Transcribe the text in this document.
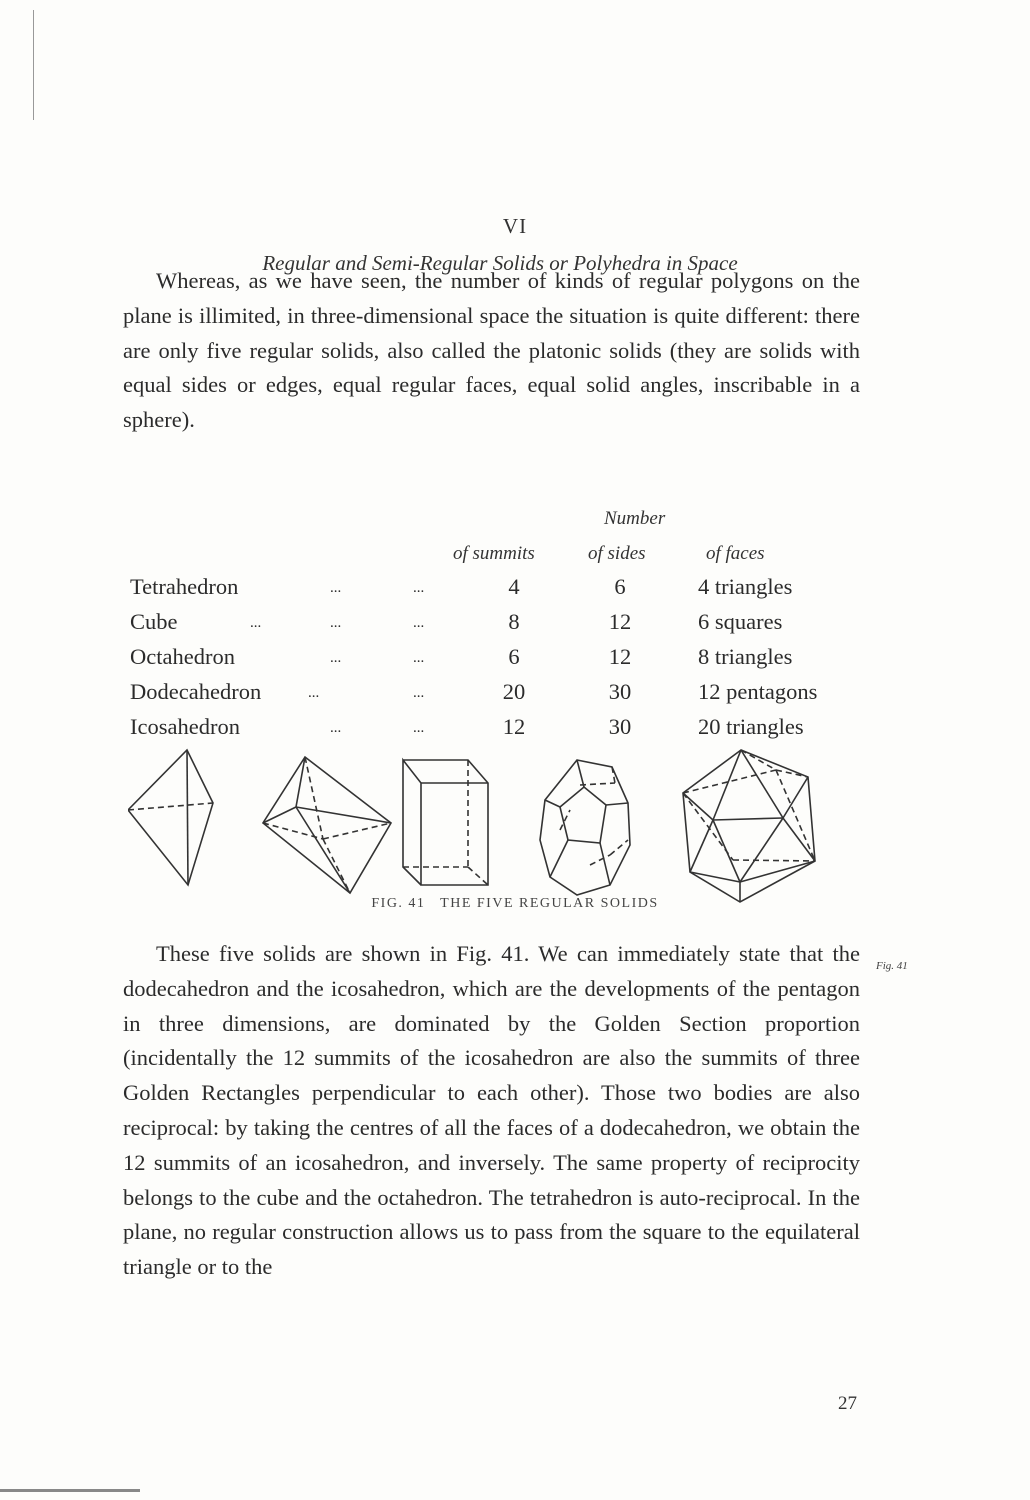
VI
Regular and Semi-Regular Solids or Polyhedra in Space

Whereas, as we have seen, the number of kinds of regular polygons on the plane is illimited, in three-dimensional space the situation is quite different: there are only five regular solids, also called the platonic solids (they are solids with equal sides or edges, equal regular faces, equal solid angles, inscribable in a sphere).

Number
of summits	of sides	of faces
Tetrahedron	...	...	4	6	4 triangles
Cube	...	...	...	8	12	6 squares
Octahedron	...	...	6	12	8 triangles
Dodecahedron	...	...	20	30	12 pentagons
Icosahedron	...	...	12	30	20 triangles
FIG. 41   THE FIVE REGULAR SOLIDS

These five solids are shown in Fig. 41. We can immediately state that the dodecahedron and the icosahedron, which are the developments of the pentagon in three dimensions, are dominated by the Golden Section proportion (incidentally the 12 summits of the icosahedron are also the summits of three Golden Rectangles perpendicular to each other). Those two bodies are also reciprocal: by taking the centres of all the faces of a dodecahedron, we obtain the 12 summits of an icosahedron, and inversely. The same property of reciprocity belongs to the cube and the octahedron. The tetrahedron is auto-reciprocal. In the plane, no regular construction allows us to pass from the square to the equilateral triangle or to the

Fig. 41
27
